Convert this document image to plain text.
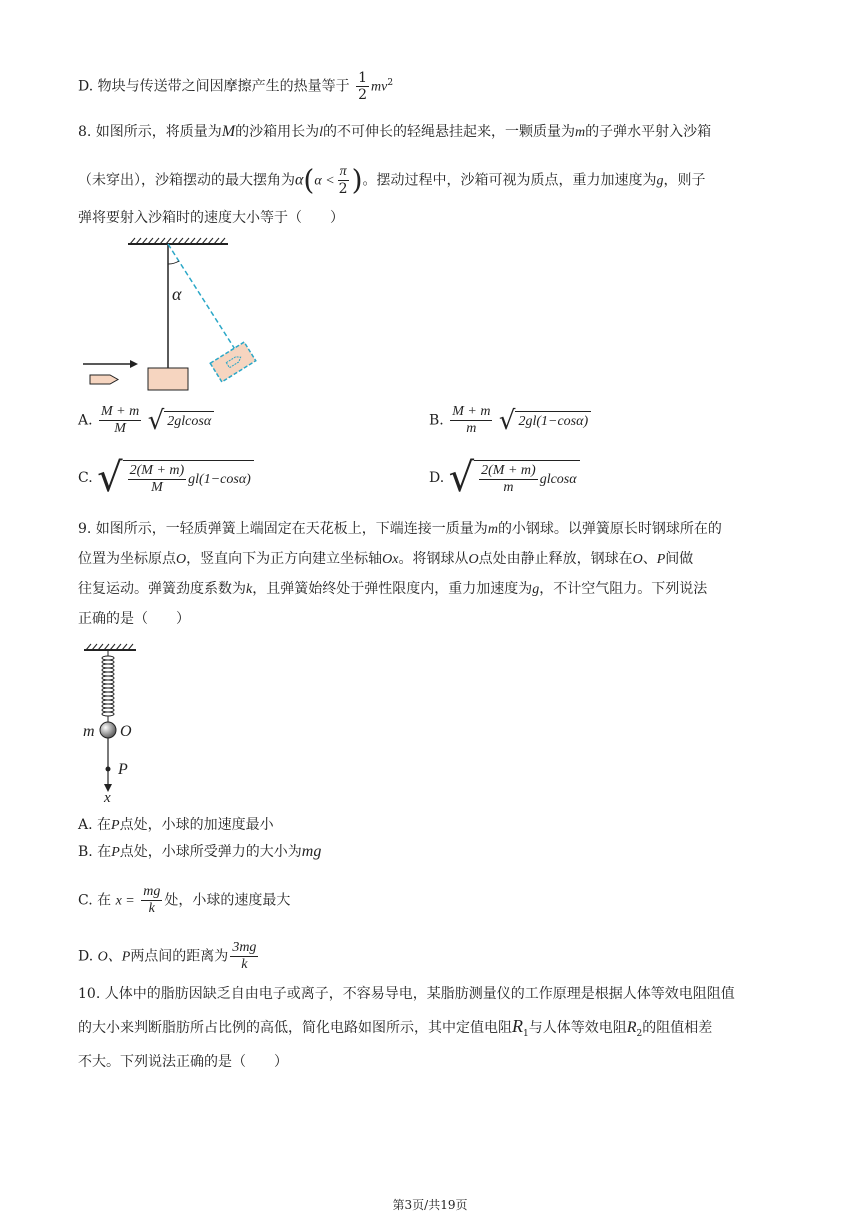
D. 物块与传送带之间因摩擦产生的热量等于 $\frac{1}{2} mv^2$
8. 如图所示，将质量为M的沙箱用长为l的不可伸长的轻绳悬挂起来，一颗质量为m的子弹水平射入沙箱
（未穿出），沙箱摆动的最大摆角为$\alpha(\alpha < \frac{\pi}{2}$ )。摆动过程中，沙箱可视为质点，重力加速度为g，则子
弹将要射入沙箱时的速度大小等于（　　）
α
A. $\frac{M + m}{M}$
√ 2glcosα	B. $\frac{M + m}{m}$
√ 2gl(1−cosα)
C. √ $\frac{2(M + m)}{M} gl(1-\cos\alpha)$	D. √ $\frac{2(M + m)}{m}$ glcosα
9. 如图所示，一轻质弹簧上端固定在天花板上，下端连接一质量为m的小钢球。以弹簧原长时钢球所在的
位置为坐标原点O，竖直向下为正方向建立坐标轴Ox。将钢球从O点处由静止释放，钢球在O、P间做
往复运动。弹簧劲度系数为k，且弹簧始终处于弹性限度内，重力加速度为g，不计空气阻力。下列说法
正确的是（　　）
m O
P
x
A. 在P点处，小球的加速度最小
B. 在P点处，小球所受弹力的大小为mg
C. 在 $x = \frac{mg}{k}$ 处，小球的速度最大
D. O、P两点间的距离为 $\frac{3mg}{k}$
10. 人体中的脂肪因缺乏自由电子或离子，不容易导电，某脂肪测量仪的工作原理是根据人体等效电阻阻值
的大小来判断脂肪所占比例的高低，简化电路如图所示，其中定值电阻$R_1$与人体等效电阻$R_2$的阻值相差
不大。下列说法正确的是（　　）
第3页/共19页
